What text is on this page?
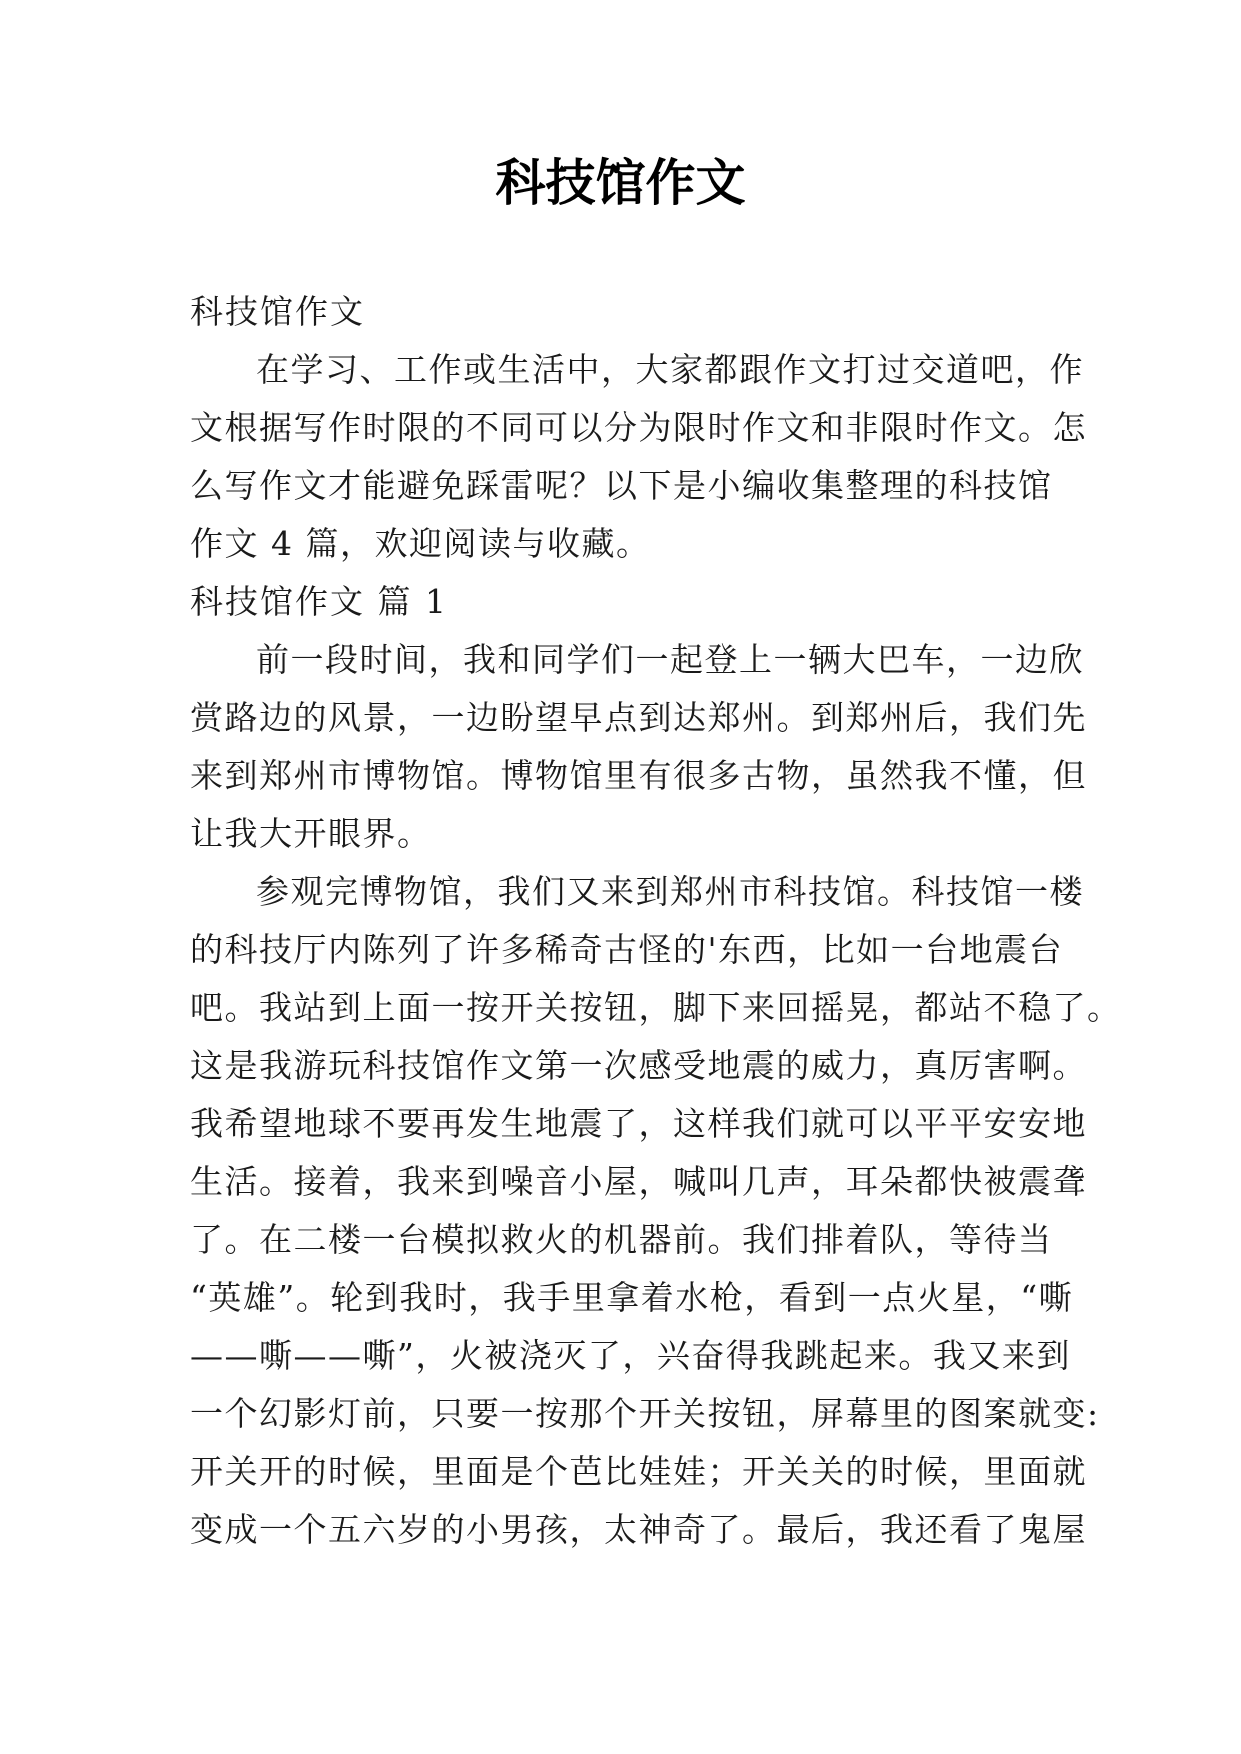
科技馆作文
科技馆作文
在学习、工作或生活中，大家都跟作文打过交道吧，作
文根据写作时限的不同可以分为限时作文和非限时作文。怎
么写作文才能避免踩雷呢？以下是小编收集整理的科技馆
作文 4 篇，欢迎阅读与收藏。
科技馆作文 篇 1
前一段时间，我和同学们一起登上一辆大巴车，一边欣
赏路边的风景，一边盼望早点到达郑州。到郑州后，我们先
来到郑州市博物馆。博物馆里有很多古物，虽然我不懂，但
让我大开眼界。
参观完博物馆，我们又来到郑州市科技馆。科技馆一楼
的科技厅内陈列了许多稀奇古怪的'东西，比如一台地震台
吧。我站到上面一按开关按钮，脚下来回摇晃，都站不稳了。
这是我游玩科技馆作文第一次感受地震的威力，真厉害啊。
我希望地球不要再发生地震了，这样我们就可以平平安安地
生活。接着，我来到噪音小屋，喊叫几声，耳朵都快被震聋
了。在二楼一台模拟救火的机器前。我们排着队，等待当
“英雄”。轮到我时，我手里拿着水枪，看到一点火星，“嘶
——嘶——嘶”，火被浇灭了，兴奋得我跳起来。我又来到
一个幻影灯前，只要一按那个开关按钮，屏幕里的图案就变:
开关开的时候，里面是个芭比娃娃；开关关的时候，里面就
变成一个五六岁的小男孩，太神奇了。最后，我还看了鬼屋
